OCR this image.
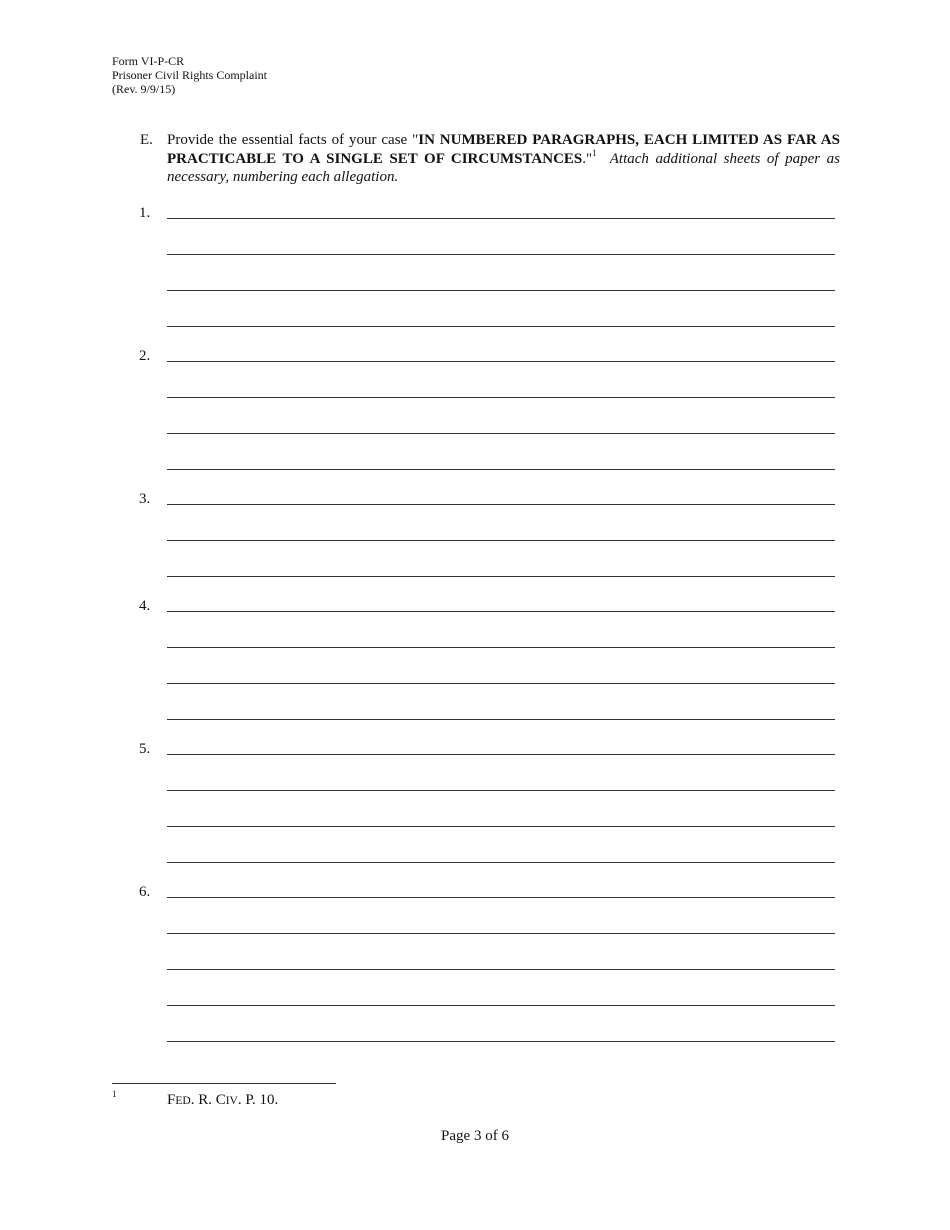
Form VI-P-CR
Prisoner Civil Rights Complaint
(Rev. 9/9/15)
E. Provide the essential facts of your case "IN NUMBERED PARAGRAPHS, EACH LIMITED AS FAR AS PRACTICABLE TO A SINGLE SET OF CIRCUMSTANCES."$^1$ Attach additional sheets of paper as necessary, numbering each allegation.
1.
2.
3.
4.
5.
6.
1	FED. R. CIV. P. 10.
Page 3 of 6
